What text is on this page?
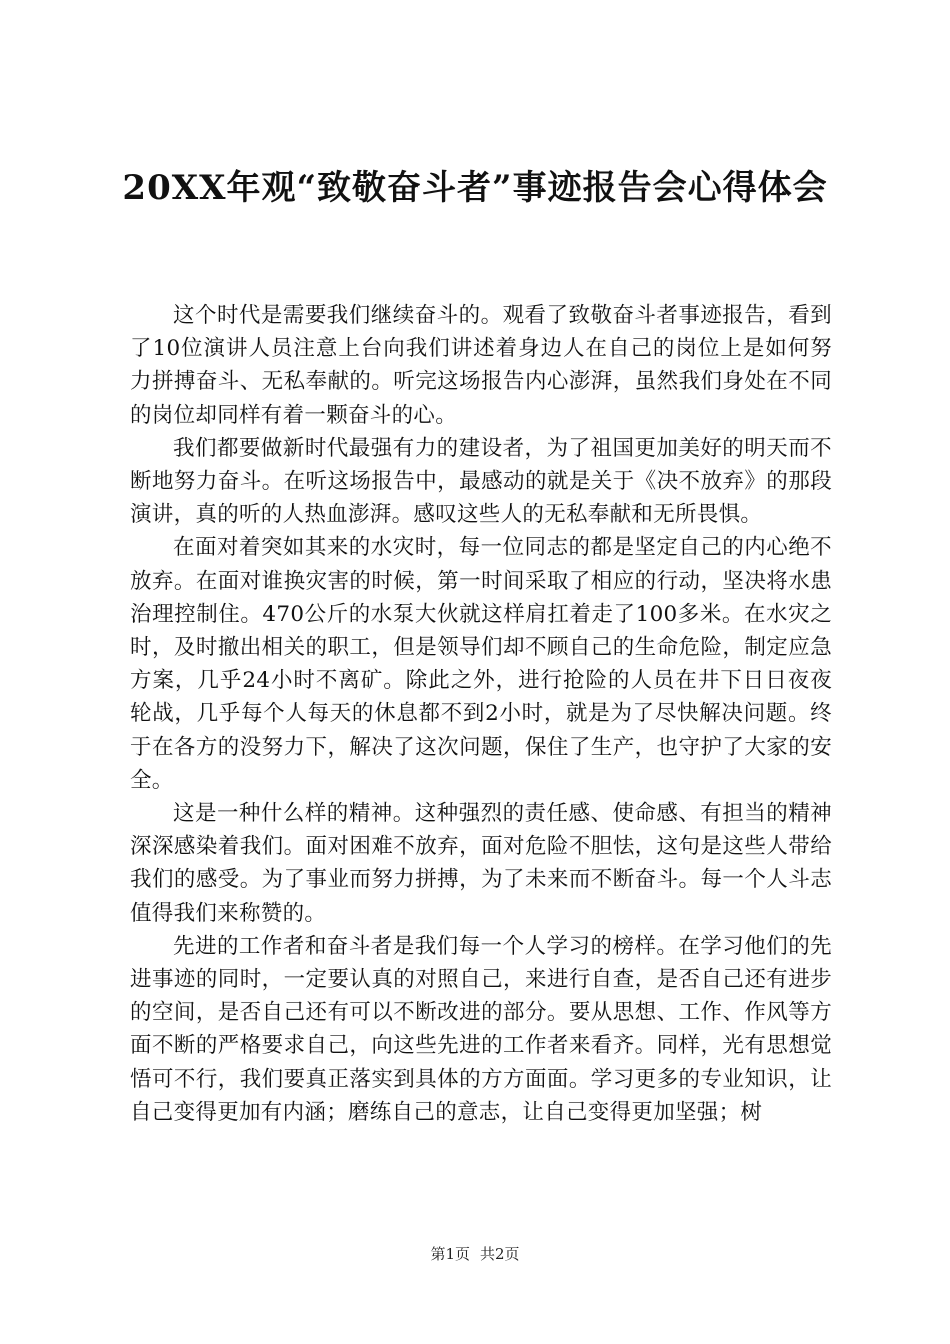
20XX年观“致敬奋斗者”事迹报告会心得体会

这个时代是需要我们继续奋斗的。观看了致敬奋斗者事迹报告，看到了10位演讲人员注意上台向我们讲述着身边人在自己的岗位上是如何努力拼搏奋斗、无私奉献的。听完这场报告内心澎湃，虽然我们身处在不同的岗位却同样有着一颗奋斗的心。

我们都要做新时代最强有力的建设者，为了祖国更加美好的明天而不断地努力奋斗。在听这场报告中，最感动的就是关于《决不放弃》的那段演讲，真的听的人热血澎湃。感叹这些人的无私奉献和无所畏惧。

在面对着突如其来的水灾时，每一位同志的都是坚定自己的内心绝不放弃。在面对谁换灾害的时候，第一时间采取了相应的行动，坚决将水患治理控制住。470公斤的水泵大伙就这样肩扛着走了100多米。在水灾之时，及时撤出相关的职工，但是领导们却不顾自己的生命危险，制定应急方案，几乎24小时不离矿。除此之外，进行抢险的人员在井下日日夜夜轮战，几乎每个人每天的休息都不到2小时，就是为了尽快解决问题。终于在各方的没努力下，解决了这次问题，保住了生产，也守护了大家的安全。

这是一种什么样的精神。这种强烈的责任感、使命感、有担当的精神深深感染着我们。面对困难不放弃，面对危险不胆怯，这句是这些人带给我们的感受。为了事业而努力拼搏，为了未来而不断奋斗。每一个人斗志值得我们来称赞的。

先进的工作者和奋斗者是我们每一个人学习的榜样。在学习他们的先进事迹的同时，一定要认真的对照自己，来进行自查，是否自己还有进步的空间，是否自己还有可以不断改进的部分。要从思想、工作、作风等方面不断的严格要求自己，向这些先进的工作者来看齐。同样，光有思想觉悟可不行，我们要真正落实到具体的方方面面。学习更多的专业知识，让自己变得更加有内涵；磨练自己的意志，让自己变得更加坚强；树

第1页 共2页
